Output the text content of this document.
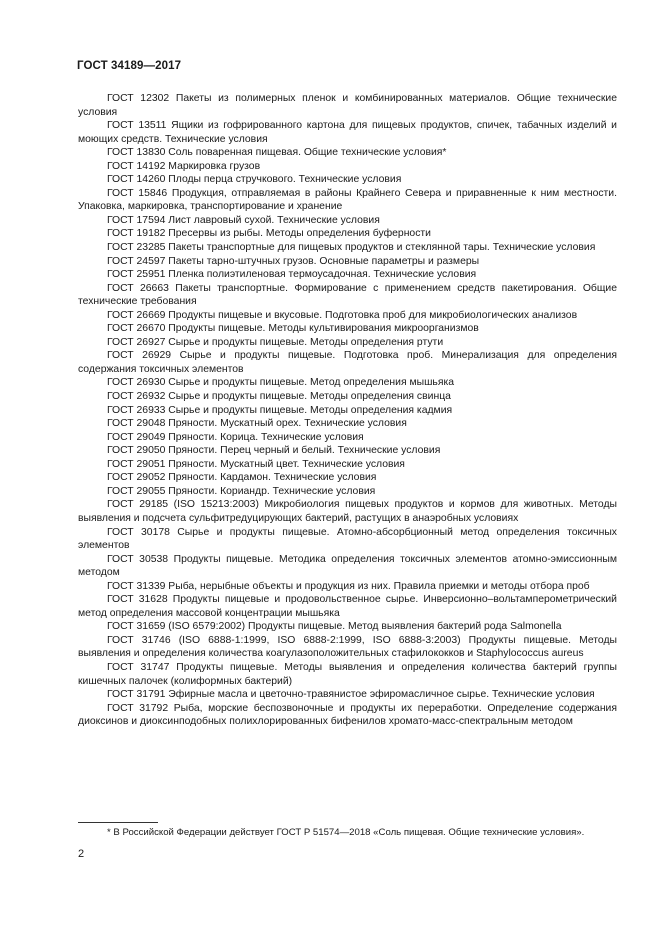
ГОСТ 34189—2017

ГОСТ 12302 Пакеты из полимерных пленок и комбинированных материалов. Общие технические условия

ГОСТ 13511 Ящики из гофрированного картона для пищевых продуктов, спичек, табачных изделий и моющих средств. Технические условия

ГОСТ 13830 Соль поваренная пищевая. Общие технические условия*

ГОСТ 14192 Маркировка грузов

ГОСТ 14260 Плоды перца стручкового. Технические условия

ГОСТ 15846 Продукция, отправляемая в районы Крайнего Севера и приравненные к ним местности. Упаковка, маркировка, транспортирование и хранение

ГОСТ 17594 Лист лавровый сухой. Технические условия

ГОСТ 19182 Пресервы из рыбы. Методы определения буферности

ГОСТ 23285 Пакеты транспортные для пищевых продуктов и стеклянной тары. Технические условия

ГОСТ 24597 Пакеты тарно-штучных грузов. Основные параметры и размеры

ГОСТ 25951 Пленка полиэтиленовая термоусадочная. Технические условия

ГОСТ 26663 Пакеты транспортные. Формирование с применением средств пакетирования. Общие технические требования

ГОСТ 26669 Продукты пищевые и вкусовые. Подготовка проб для микробиологических анализов

ГОСТ 26670 Продукты пищевые. Методы культивирования микроорганизмов

ГОСТ 26927 Сырье и продукты пищевые. Методы определения ртути

ГОСТ 26929 Сырье и продукты пищевые. Подготовка проб. Минерализация для определения содержания токсичных элементов

ГОСТ 26930 Сырье и продукты пищевые. Метод определения мышьяка

ГОСТ 26932 Сырье и продукты пищевые. Методы определения свинца

ГОСТ 26933 Сырье и продукты пищевые. Методы определения кадмия

ГОСТ 29048 Пряности. Мускатный орех. Технические условия

ГОСТ 29049 Пряности. Корица. Технические условия

ГОСТ 29050 Пряности. Перец черный и белый. Технические условия

ГОСТ 29051 Пряности. Мускатный цвет. Технические условия

ГОСТ 29052 Пряности. Кардамон. Технические условия

ГОСТ 29055 Пряности. Кориандр. Технические условия

ГОСТ 29185 (ISO 15213:2003) Микробиология пищевых продуктов и кормов для животных. Методы выявления и подсчета сульфитредуцирующих бактерий, растущих в анаэробных условиях

ГОСТ 30178 Сырье и продукты пищевые. Атомно-абсорбционный метод определения токсичных элементов

ГОСТ 30538 Продукты пищевые. Методика определения токсичных элементов атомно-эмиссионным методом

ГОСТ 31339 Рыба, нерыбные объекты и продукция из них. Правила приемки и методы отбора проб

ГОСТ 31628 Продукты пищевые и продовольственное сырье. Инверсионно–вольтамперометрический метод определения массовой концентрации мышьяка

ГОСТ 31659 (ISO 6579:2002) Продукты пищевые. Метод выявления бактерий рода Salmonella

ГОСТ 31746 (ISO 6888-1:1999, ISO 6888-2:1999, ISO 6888-3:2003) Продукты пищевые. Методы выявления и определения количества коагулазоположительных стафилококков и Staphylococcus aureus

ГОСТ 31747 Продукты пищевые. Методы выявления и определения количества бактерий группы кишечных палочек (колиформных бактерий)

ГОСТ 31791 Эфирные масла и цветочно-травянистое эфиромасличное сырье. Технические условия

ГОСТ 31792 Рыба, морские беспозвоночные и продукты их переработки. Определение содержания диоксинов и диоксинподобных полихлорированных бифенилов хромато-масс-спектральным методом

* В Российской Федерации действует ГОСТ Р 51574—2018 «Соль пищевая. Общие технические условия».
2
